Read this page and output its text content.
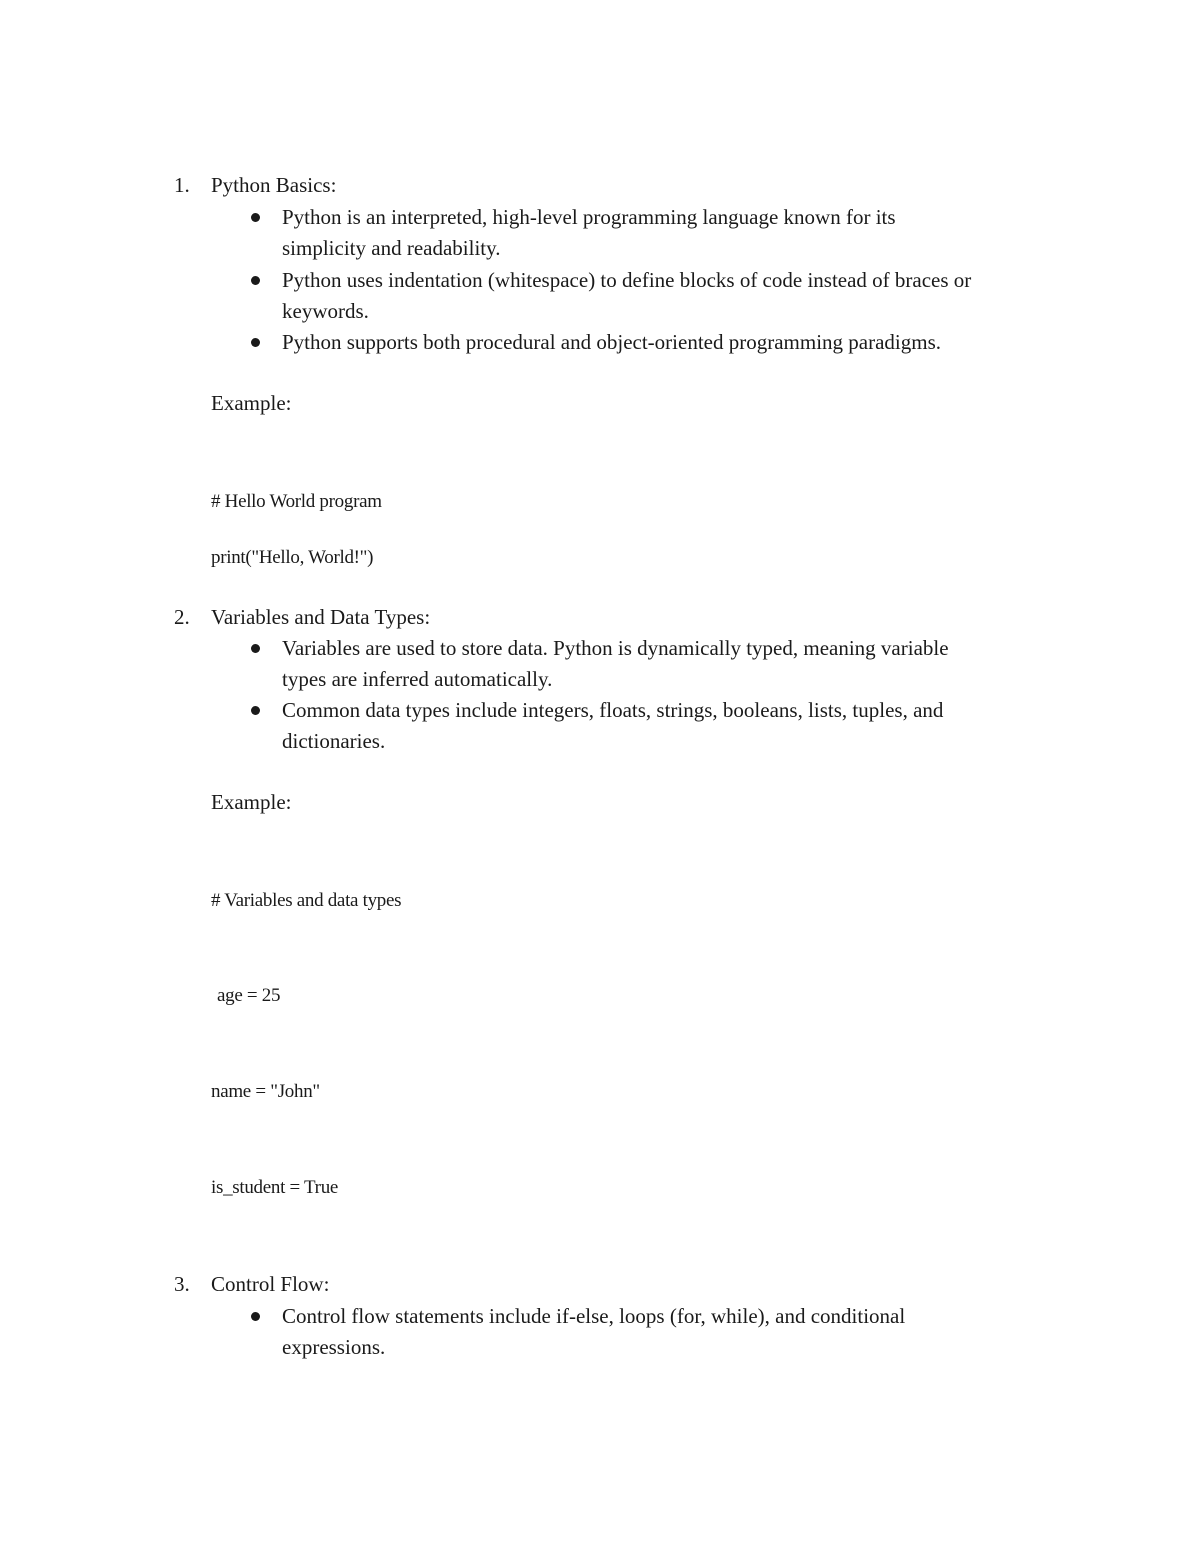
1. Python Basics:
Python is an interpreted, high-level programming language known for its
simplicity and readability.
Python uses indentation (whitespace) to define blocks of code instead of braces or
keywords.
Python supports both procedural and object-oriented programming paradigms.
Example:
# Hello World program
print("Hello, World!")
2. Variables and Data Types:
Variables are used to store data. Python is dynamically typed, meaning variable
types are inferred automatically.
Common data types include integers, floats, strings, booleans, lists, tuples, and
dictionaries.
Example:
# Variables and data types
age = 25
name = "John"
is_student = True
3. Control Flow:
Control flow statements include if-else, loops (for, while), and conditional
expressions.
